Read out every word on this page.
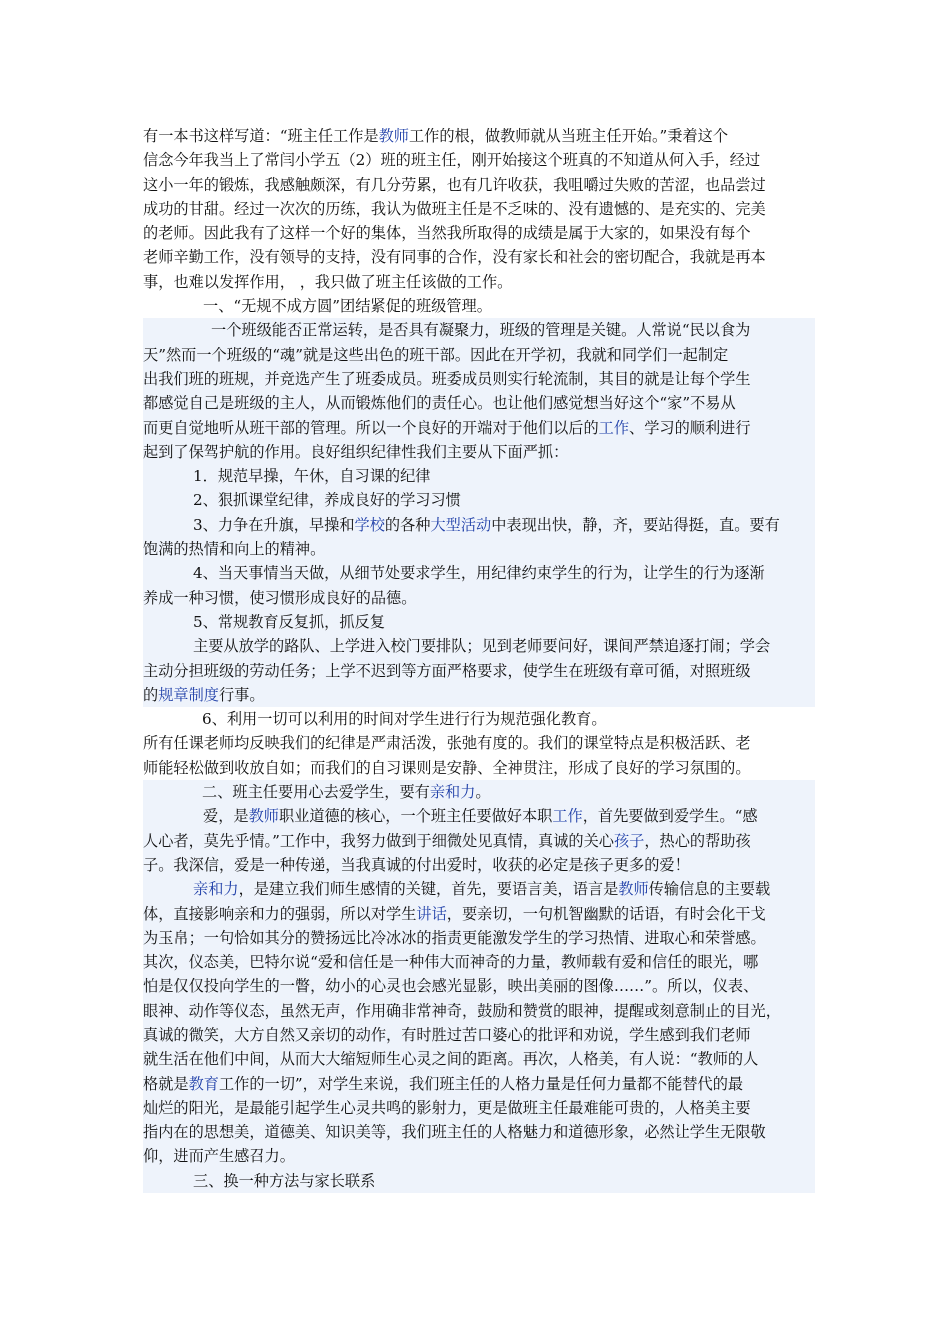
有一本书这样写道：“班主任工作是教师工作的根，做教师就从当班主任开始。”秉着这个
信念今年我当上了常闫小学五（2）班的班主任，刚开始接这个班真的不知道从何入手，经过
这小一年的锻炼，我感触颇深，有几分劳累，也有几许收获，我咀嚼过失败的苦涩，也品尝过
成功的甘甜。经过一次次的历练，我认为做班主任是不乏味的、没有遗憾的、是充实的、完美
的老师。因此我有了这样一个好的集体，当然我所取得的成绩是属于大家的，如果没有每个
老师辛勤工作，没有领导的支持，没有同事的合作，没有家长和社会的密切配合，我就是再本
事，也难以发挥作用， ，我只做了班主任该做的工作。
一、“无规不成方圆”团结紧促的班级管理。
一个班级能否正常运转，是否具有凝聚力，班级的管理是关键。人常说“民以食为
天”然而一个班级的“魂”就是这些出色的班干部。因此在开学初，我就和同学们一起制定
出我们班的班规，并竞选产生了班委成员。班委成员则实行轮流制，其目的就是让每个学生
都感觉自己是班级的主人，从而锻炼他们的责任心。也让他们感觉想当好这个“家”不易从
而更自觉地听从班干部的管理。所以一个良好的开端对于他们以后的工作、学习的顺利进行
起到了保驾护航的作用。良好组织纪律性我们主要从下面严抓：
1．规范早操，午休，自习课的纪律
2、狠抓课堂纪律，养成良好的学习习惯
3、力争在升旗，早操和学校的各种大型活动中表现出快，静，齐，要站得挺，直。要有
饱满的热情和向上的精神。
4、当天事情当天做，从细节处要求学生，用纪律约束学生的行为，让学生的行为逐渐
养成一种习惯，使习惯形成良好的品德。
5、常规教育反复抓，抓反复
主要从放学的路队、上学进入校门要排队；见到老师要问好，课间严禁追逐打闹；学会
主动分担班级的劳动任务；上学不迟到等方面严格要求，使学生在班级有章可循，对照班级
的规章制度行事。
6、利用一切可以利用的时间对学生进行行为规范强化教育。
所有任课老师均反映我们的纪律是严肃活泼，张弛有度的。我们的课堂特点是积极活跃、老
师能轻松做到收放自如；而我们的自习课则是安静、全神贯注，形成了良好的学习氛围的。
二、班主任要用心去爱学生，要有亲和力。
爱，是教师职业道德的核心，一个班主任要做好本职工作，首先要做到爱学生。“感
人心者，莫先乎情。”工作中，我努力做到于细微处见真情，真诚的关心孩子，热心的帮助孩
子。我深信，爱是一种传递，当我真诚的付出爱时，收获的必定是孩子更多的爱！
亲和力，是建立我们师生感情的关键，首先，要语言美，语言是教师传输信息的主要载
体，直接影响亲和力的强弱，所以对学生讲话，要亲切，一句机智幽默的话语，有时会化干戈
为玉帛；一句恰如其分的赞扬远比冷冰冰的指责更能激发学生的学习热情、进取心和荣誉感。
其次，仪态美，巴特尔说“爱和信任是一种伟大而神奇的力量，教师载有爱和信任的眼光，哪
怕是仅仅投向学生的一瞥，幼小的心灵也会感光显影，映出美丽的图像……”。所以，仪表、
眼神、动作等仪态，虽然无声，作用确非常神奇，鼓励和赞赏的眼神，提醒或刻意制止的目光，
真诚的微笑，大方自然又亲切的动作，有时胜过苦口婆心的批评和劝说，学生感到我们老师
就生活在他们中间，从而大大缩短师生心灵之间的距离。再次，人格美，有人说：“教师的人
格就是教育工作的一切”，对学生来说，我们班主任的人格力量是任何力量都不能替代的最
灿烂的阳光，是最能引起学生心灵共鸣的影射力，更是做班主任最难能可贵的，人格美主要
指内在的思想美，道德美、知识美等，我们班主任的人格魅力和道德形象，必然让学生无限敬
仰，进而产生感召力。
三、换一种方法与家长联系
